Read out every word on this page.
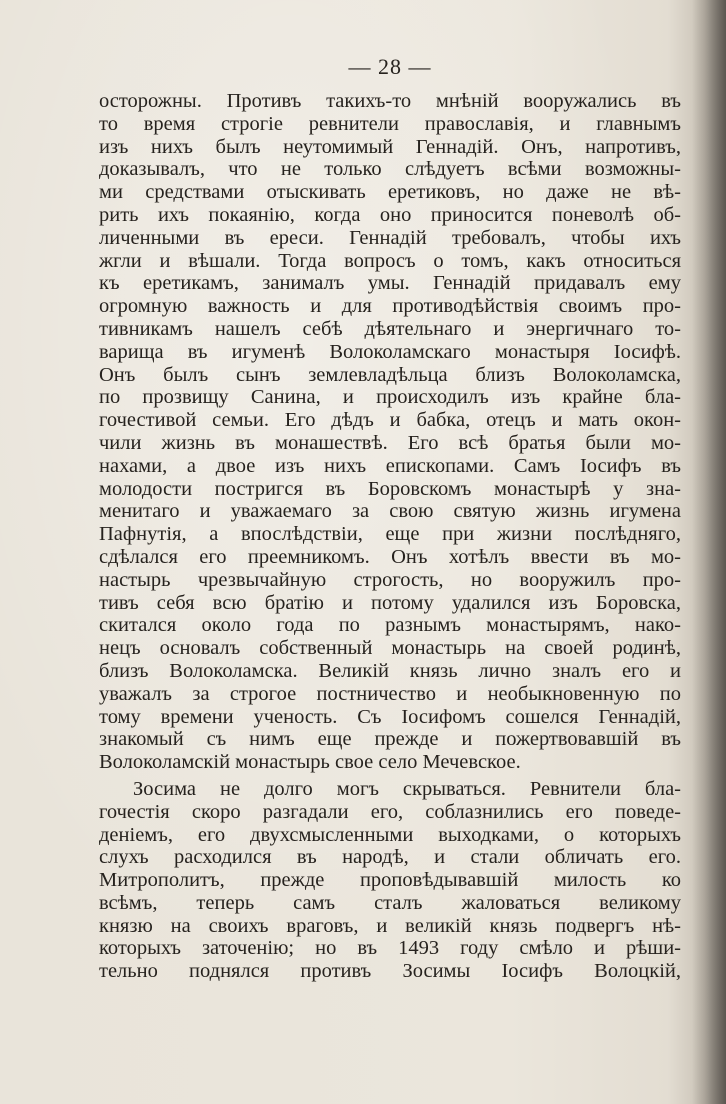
— 28 —
осторожны. Противъ такихъ-то мнѣній вооружались въ
то время строгіе ревнители православія, и главнымъ
изъ нихъ былъ неутомимый Геннадій. Онъ, напротивъ,
доказывалъ, что не только слѣдуетъ всѣми возможны-
ми средствами отыскивать еретиковъ, но даже не вѣ-
рить ихъ покаянію, когда оно приносится поневолѣ об-
личенными въ ереси. Геннадій требовалъ, чтобы ихъ
жгли и вѣшали. Тогда вопросъ о томъ, какъ относиться
къ еретикамъ, занималъ умы. Геннадій придавалъ ему
огромную важность и для противодѣйствія своимъ про-
тивникамъ нашелъ себѣ дѣятельнаго и энергичнаго то-
варища въ игуменѣ Волоколамскаго монастыря Іосифѣ.
Онъ былъ сынъ землевладѣльца близъ Волоколамска,
по прозвищу Санина, и происходилъ изъ крайне бла-
гочестивой семьи. Его дѣдъ и бабка, отецъ и мать окон-
чили жизнь въ монашествѣ. Его всѣ братья были мо-
нахами, а двое изъ нихъ епископами. Самъ Іосифъ въ
молодости постригся въ Боровскомъ монастырѣ у зна-
менитаго и уважаемаго за свою святую жизнь игумена
Пафнутія, а впослѣдствіи, еще при жизни послѣдняго,
сдѣлался его преемникомъ. Онъ хотѣлъ ввести въ мо-
настырь чрезвычайную строгость, но вооружилъ про-
тивъ себя всю братію и потому удалился изъ Боровска,
скитался около года по разнымъ монастырямъ, нако-
нецъ основалъ собственный монастырь на своей родинѣ,
близъ Волоколамска. Великій князь лично зналъ его и
уважалъ за строгое постничество и необыкновенную по
тому времени ученость. Съ Іосифомъ сошелся Геннадій,
знакомый съ нимъ еще прежде и пожертвовавшій въ
Волоколамскій монастырь свое село Мечевское.
Зосима не долго могъ скрываться. Ревнители бла-
гочестія скоро разгадали его, соблазнились его поведе-
деніемъ, его двухсмысленными выходками, о которыхъ
слухъ расходился въ народѣ, и стали обличать его.
Митрополитъ, прежде проповѣдывавшій милость ко
всѣмъ, теперь самъ сталъ жаловаться великому
князю на своихъ враговъ, и великій князь подвергъ нѣ-
которыхъ заточенію; но въ 1493 году смѣло и рѣши-
тельно поднялся противъ Зосимы Іосифъ Волоцкій,
